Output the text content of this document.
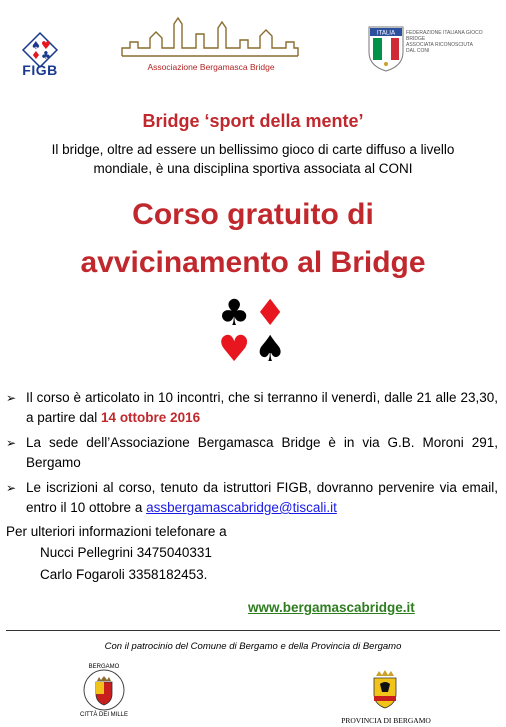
♠ ♥
♦ ♣
FIGB	Associazione Bergamasca Bridge
ITALIA FEDERAZIONE ITALIANA GIOCO BRIDGE
ASSOCIATA RICONOSCIUTA
DAL CONI
Bridge ‘sport della mente’
Il bridge, oltre ad essere un bellissimo gioco di carte diffuso a livello
mondiale, è una disciplina sportiva associata al CONI
Corso gratuito di
avvicinamento al Bridge
♣ ♦
♥ ♠
➢ Il corso è articolato in 10 incontri, che si terranno il venerdì, dalle 21 alle 23,30, a partire dal 14 ottobre 2016
➢ La sede dell’Associazione Bergamasca Bridge è in via G.B. Moroni 291, Bergamo
➢ Le iscrizioni al corso, tenuto da istruttori FIGB, dovranno pervenire via email, entro il 10 ottobre a assbergamascabridge@tiscali.it
Per ulteriori informazioni telefonare a
Nucci Pellegrini 3475040331
Carlo Fogaroli 3358182453.
www.bergamascabridge.it
Con il patrocinio del Comune di Bergamo e della Provincia di Bergamo
BERGAMO
CITTÀ DEI MILLE
PROVINCIA DI BERGAMO
